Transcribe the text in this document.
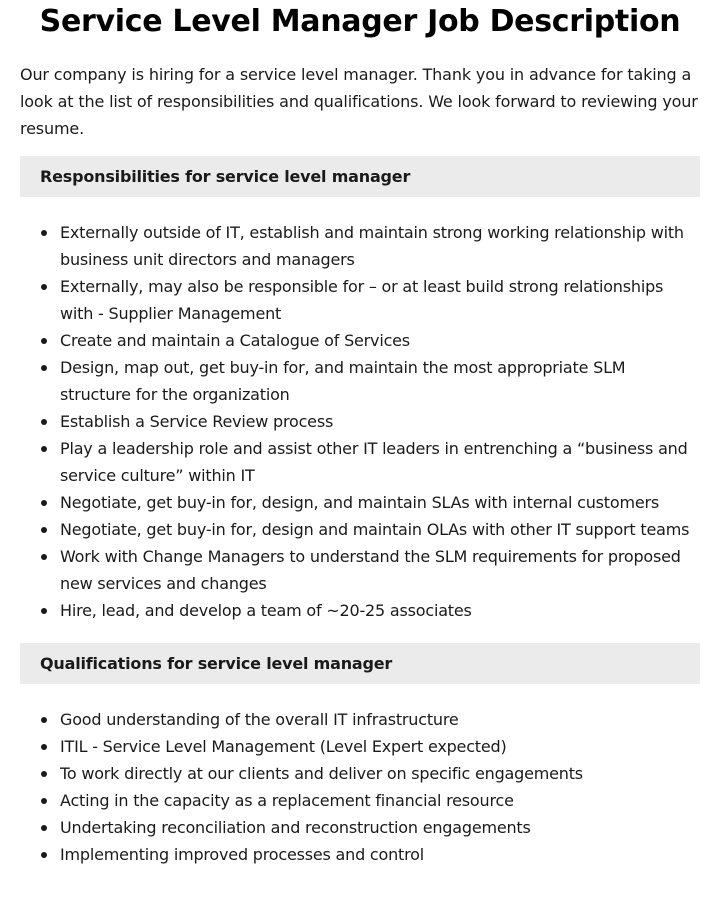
Service Level Manager Job Description

Our company is hiring for a service level manager. Thank you in advance for taking a look at the list of responsibilities and qualifications. We look forward to reviewing your resume.

Responsibilities for service level manager
Externally outside of IT, establish and maintain strong working relationship with business unit directors and managers
Externally, may also be responsible for – or at least build strong relationships with - Supplier Management
Create and maintain a Catalogue of Services
Design, map out, get buy-in for, and maintain the most appropriate SLM structure for the organization
Establish a Service Review process
Play a leadership role and assist other IT leaders in entrenching a “business and service culture” within IT
Negotiate, get buy-in for, design, and maintain SLAs with internal customers
Negotiate, get buy-in for, design and maintain OLAs with other IT support teams
Work with Change Managers to understand the SLM requirements for proposed new services and changes
Hire, lead, and develop a team of ~20-25 associates
Qualifications for service level manager
Good understanding of the overall IT infrastructure
ITIL - Service Level Management (Level Expert expected)
To work directly at our clients and deliver on specific engagements
Acting in the capacity as a replacement financial resource
Undertaking reconciliation and reconstruction engagements
Implementing improved processes and control
